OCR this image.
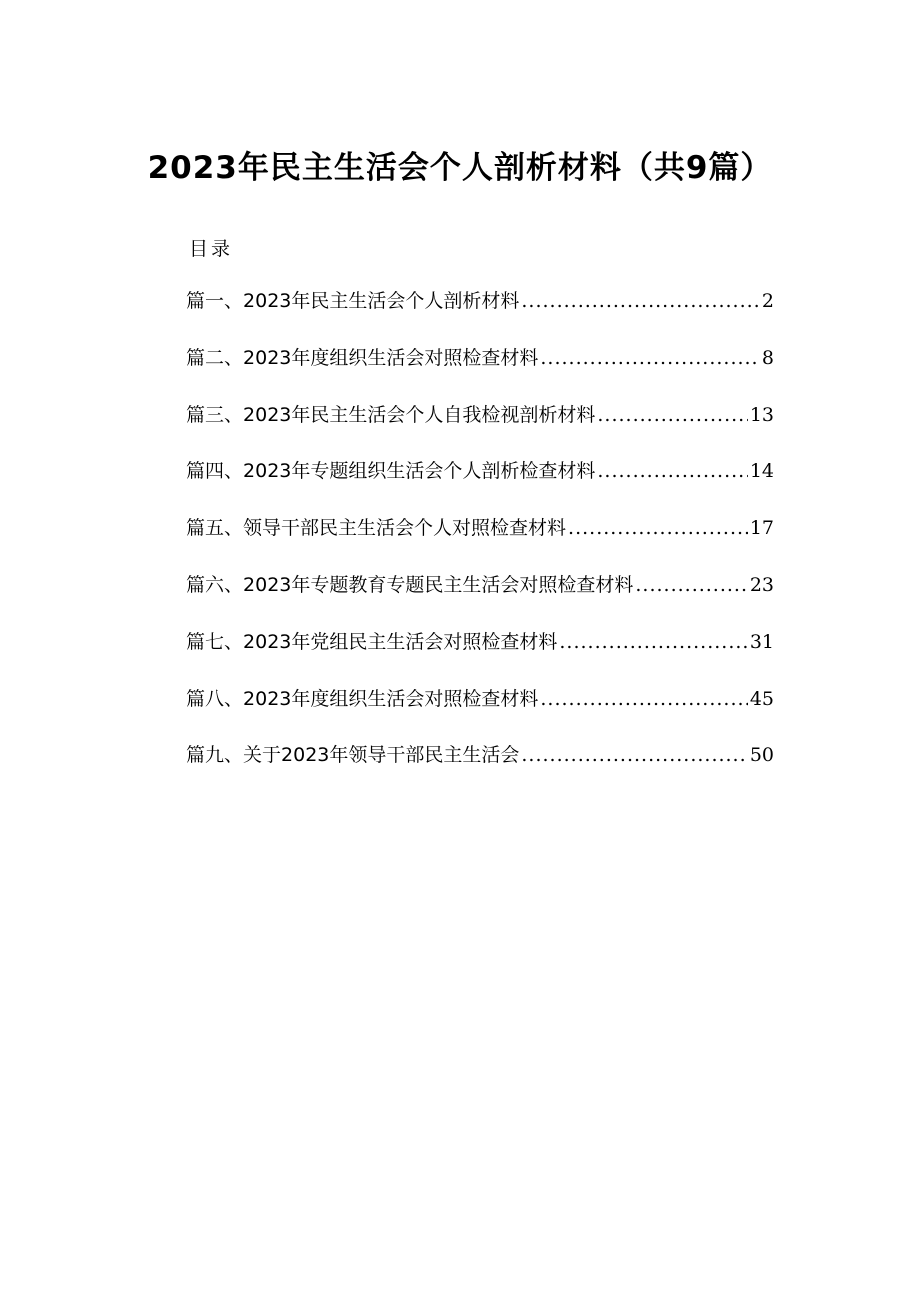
2023年民主生活会个人剖析材料（共9篇）
目录
篇一、 2023年民主生活会个人剖析材料 .....	2
篇二、 2023年度组织生活会对照检查材料 .....	8
篇三、 2023年民主生活会个人自我检视剖析材料 .....	13
篇四、 2023年专题组织生活会个人剖析检查材料 .....	14
篇五、 领导干部民主生活会个人对照检查材料 .....	17
篇六、 2023年专题教育专题民主生活会对照检查材料 .....	23
篇七、 2023年党组民主生活会对照检查材料 .....	31
篇八、 2023年度组织生活会对照检查材料 .....	45
篇九、 关于2023年领导干部民主生活会 .....	50
